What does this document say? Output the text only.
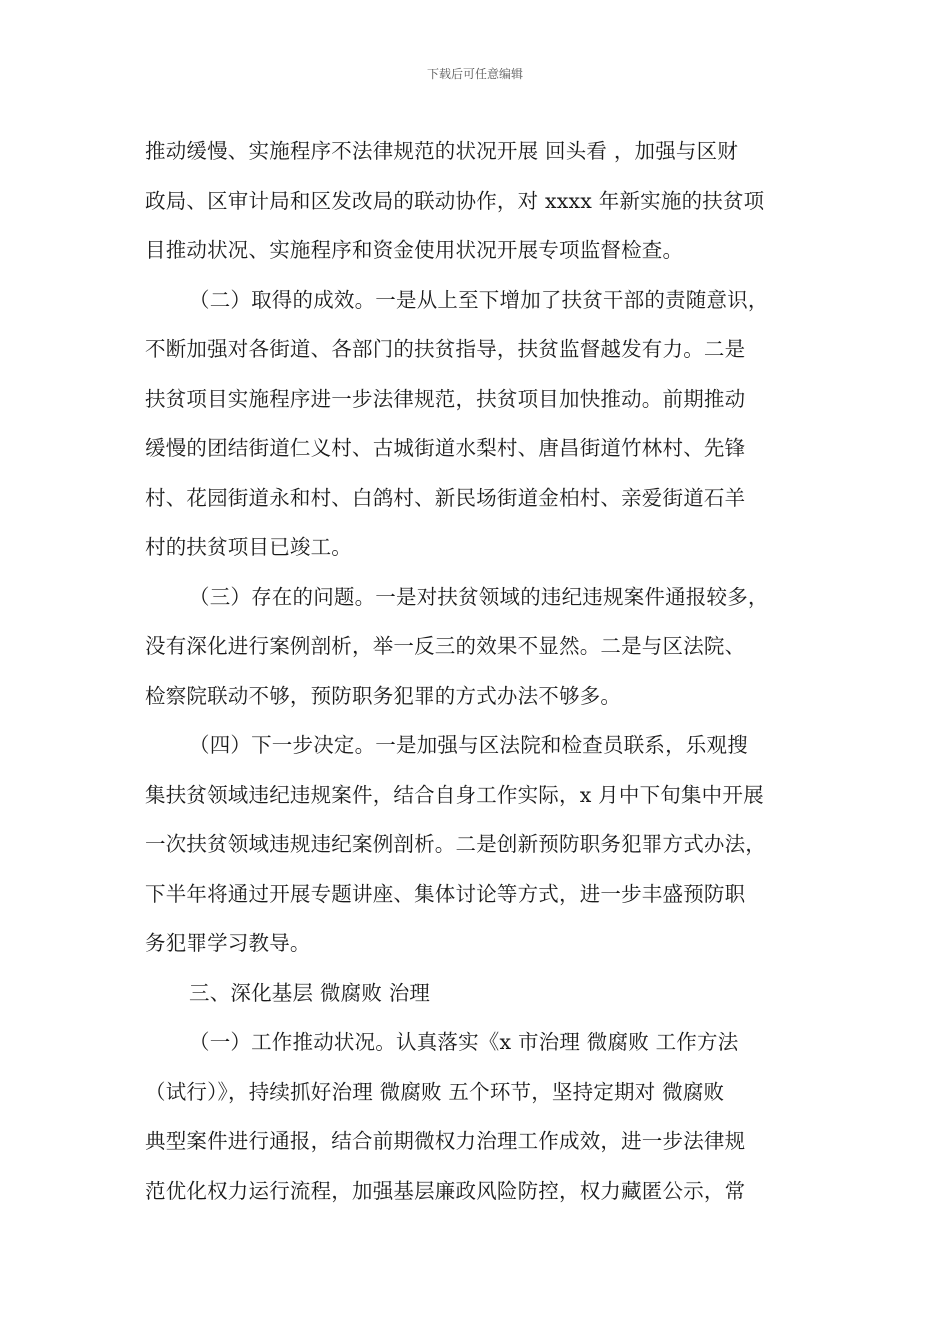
下载后可任意编辑
推动缓慢、实施程序不法律规范的状况开展 回头看 ，加强与区财
政局、区审计局和区发改局的联动协作，对 xxxx 年新实施的扶贫项
目推动状况、实施程序和资金使用状况开展专项监督检查。
（二）取得的成效。一是从上至下增加了扶贫干部的责随意识，
不断加强对各街道、各部门的扶贫指导，扶贫监督越发有力。二是
扶贫项目实施程序进一步法律规范，扶贫项目加快推动。前期推动
缓慢的团结街道仁义村、古城街道水梨村、唐昌街道竹林村、先锋
村、花园街道永和村、白鸽村、新民场街道金柏村、亲爱街道石羊
村的扶贫项目已竣工。
（三）存在的问题。一是对扶贫领域的违纪违规案件通报较多，
没有深化进行案例剖析，举一反三的效果不显然。二是与区法院、
检察院联动不够，预防职务犯罪的方式办法不够多。
（四）下一步决定。一是加强与区法院和检查员联系，乐观搜
集扶贫领域违纪违规案件，结合自身工作实际，x 月中下旬集中开展
一次扶贫领域违规违纪案例剖析。二是创新预防职务犯罪方式办法，
下半年将通过开展专题讲座、集体讨论等方式，进一步丰盛预防职
务犯罪学习教导。
三、深化基层 微腐败 治理
（一）工作推动状况。认真落实《x 市治理 微腐败 工作方法
（试行）》，持续抓好治理 微腐败 五个环节，坚持定期对 微腐败
典型案件进行通报，结合前期微权力治理工作成效，进一步法律规
范优化权力运行流程，加强基层廉政风险防控，权力藏匿公示，常
